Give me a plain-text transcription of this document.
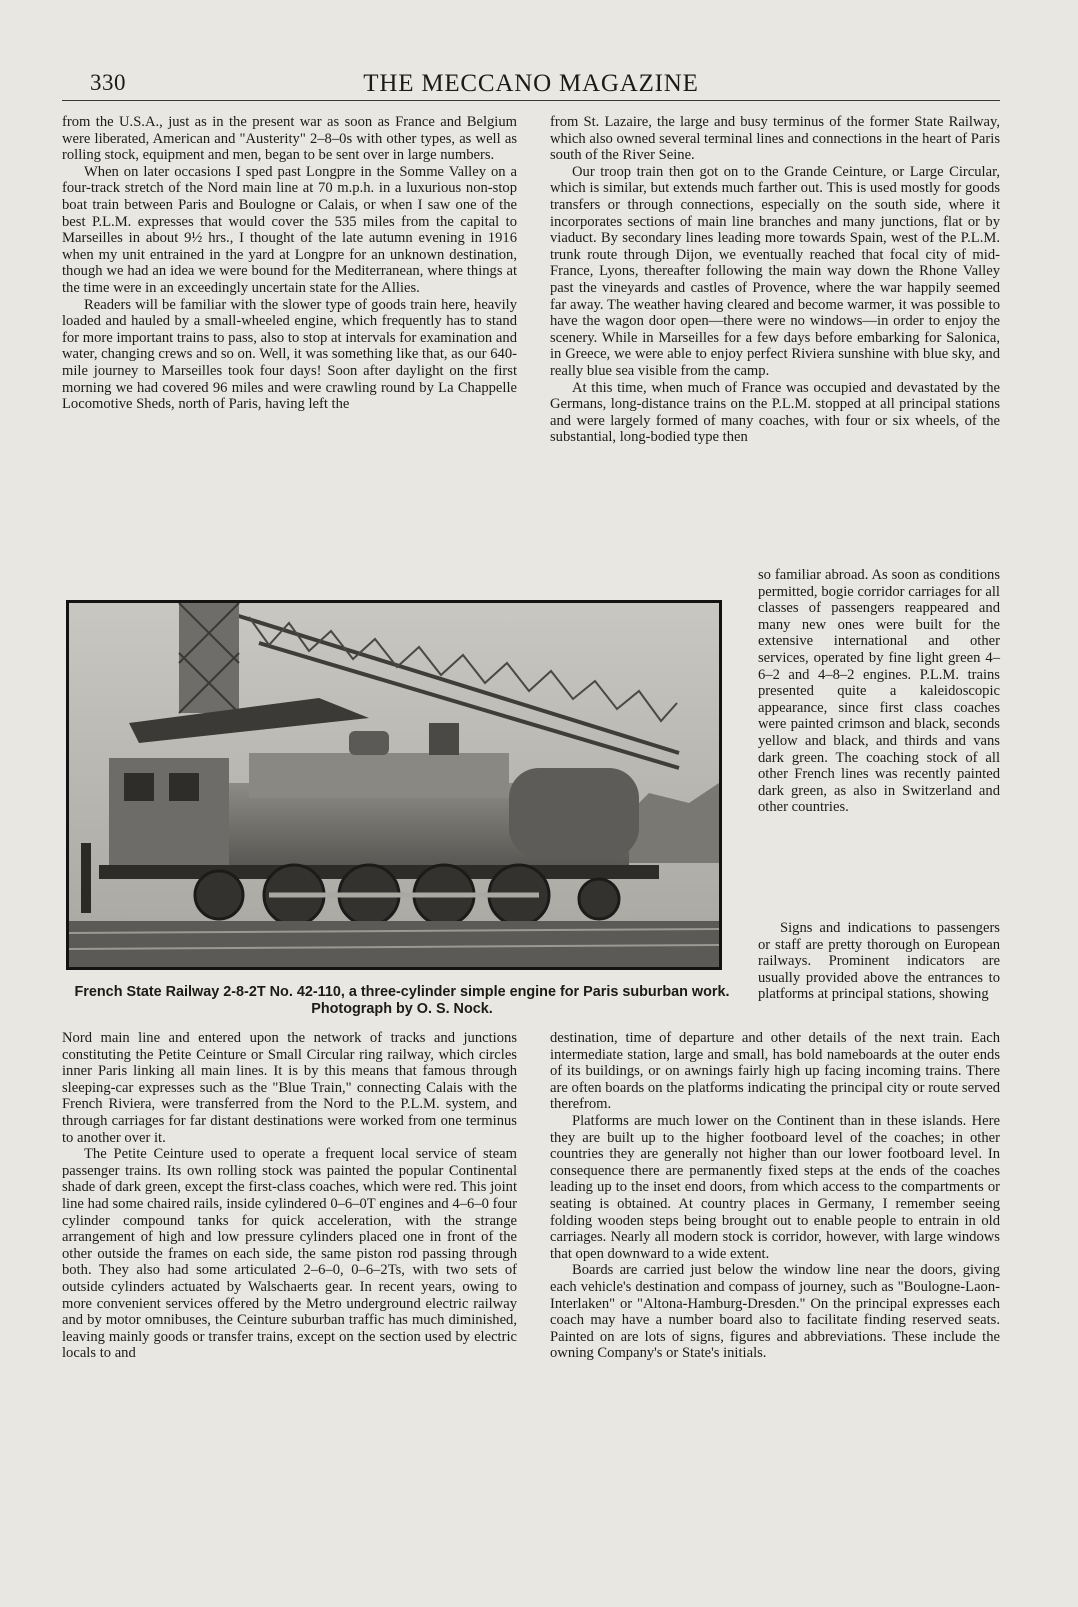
330	THE MECCANO MAGAZINE

from the U.S.A., just as in the present war as soon as France and Belgium were liberated, American and "Austerity" 2–8–0s with other types, as well as rolling stock, equipment and men, began to be sent over in large numbers.

When on later occasions I sped past Longpre in the Somme Valley on a four-track stretch of the Nord main line at 70 m.p.h. in a luxurious non-stop boat train between Paris and Boulogne or Calais, or when I saw one of the best P.L.M. expresses that would cover the 535 miles from the capital to Marseilles in about 9½ hrs., I thought of the late autumn evening in 1916 when my unit entrained in the yard at Longpre for an unknown destination, though we had an idea we were bound for the Mediterranean, where things at the time were in an exceedingly uncertain state for the Allies.

Readers will be familiar with the slower type of goods train here, heavily loaded and hauled by a small-wheeled engine, which frequently has to stand for more important trains to pass, also to stop at intervals for examination and water, changing crews and so on. Well, it was something like that, as our 640-mile journey to Marseilles took four days! Soon after daylight on the first morning we had covered 96 miles and were crawling round by La Chappelle Locomotive Sheds, north of Paris, having left the

from St. Lazaire, the large and busy terminus of the former State Railway, which also owned several terminal lines and connections in the heart of Paris south of the River Seine.

Our troop train then got on to the Grande Ceinture, or Large Circular, which is similar, but extends much farther out. This is used mostly for goods transfers or through connections, especially on the south side, where it incorporates sections of main line branches and many junctions, flat or by viaduct. By secondary lines leading more towards Spain, west of the P.L.M. trunk route through Dijon, we eventually reached that focal city of mid-France, Lyons, thereafter following the main way down the Rhone Valley past the vineyards and castles of Provence, where the war happily seemed far away. The weather having cleared and become warmer, it was possible to have the wagon door open—there were no windows—in order to enjoy the scenery. While in Marseilles for a few days before embarking for Salonica, in Greece, we were able to enjoy perfect Riviera sunshine with blue sky, and really blue sea visible from the camp.

At this time, when much of France was occupied and devastated by the Germans, long-distance trains on the P.L.M. stopped at all principal stations and were largely formed of many coaches, with four or six wheels, of the substantial, long-bodied type then

so familiar abroad. As soon as conditions permitted, bogie corridor carriages for all classes of passengers reappeared and many new ones were built for the extensive international and other services, operated by fine light green 4–6–2 and 4–8–2 engines. P.L.M. trains presented quite a kaleidoscopic appearance, since first class coaches were painted crimson and black, seconds yellow and black, and thirds and vans dark green. The coaching stock of all other French lines was recently painted dark green, as also in Switzerland and other countries.

Signs and indications to passengers or staff are pretty thorough on European railways. Prominent indicators are usually provided above the entrances to platforms at principal stations, showing

French State Railway 2-8-2T No. 42-110, a three-cylinder simple engine for Paris suburban work. Photograph by O. S. Nock.

Nord main line and entered upon the network of tracks and junctions constituting the Petite Ceinture or Small Circular ring railway, which circles inner Paris linking all main lines. It is by this means that famous through sleeping-car expresses such as the "Blue Train," connecting Calais with the French Riviera, were transferred from the Nord to the P.L.M. system, and through carriages for far distant destinations were worked from one terminus to another over it.

The Petite Ceinture used to operate a frequent local service of steam passenger trains. Its own rolling stock was painted the popular Continental shade of dark green, except the first-class coaches, which were red. This joint line had some chaired rails, inside cylindered 0–6–0T engines and 4–6–0 four cylinder compound tanks for quick acceleration, with the strange arrangement of high and low pressure cylinders placed one in front of the other outside the frames on each side, the same piston rod passing through both. They also had some articulated 2–6–0, 0–6–2Ts, with two sets of outside cylinders actuated by Walschaerts gear. In recent years, owing to more convenient services offered by the Metro underground electric railway and by motor omnibuses, the Ceinture suburban traffic has much diminished, leaving mainly goods or transfer trains, except on the section used by electric locals to and

destination, time of departure and other details of the next train. Each intermediate station, large and small, has bold nameboards at the outer ends of its buildings, or on awnings fairly high up facing incoming trains. There are often boards on the platforms indicating the principal city or route served therefrom.

Platforms are much lower on the Continent than in these islands. Here they are built up to the higher footboard level of the coaches; in other countries they are generally not higher than our lower footboard level. In consequence there are permanently fixed steps at the ends of the coaches leading up to the inset end doors, from which access to the compartments or seating is obtained. At country places in Germany, I remember seeing folding wooden steps being brought out to enable people to entrain in old carriages. Nearly all modern stock is corridor, however, with large windows that open downward to a wide extent.

Boards are carried just below the window line near the doors, giving each vehicle's destination and compass of journey, such as "Boulogne-Laon-Interlaken" or "Altona-Hamburg-Dresden." On the principal expresses each coach may have a number board also to facilitate finding reserved seats. Painted on are lots of signs, figures and abbreviations. These include the owning Company's or State's initials.
